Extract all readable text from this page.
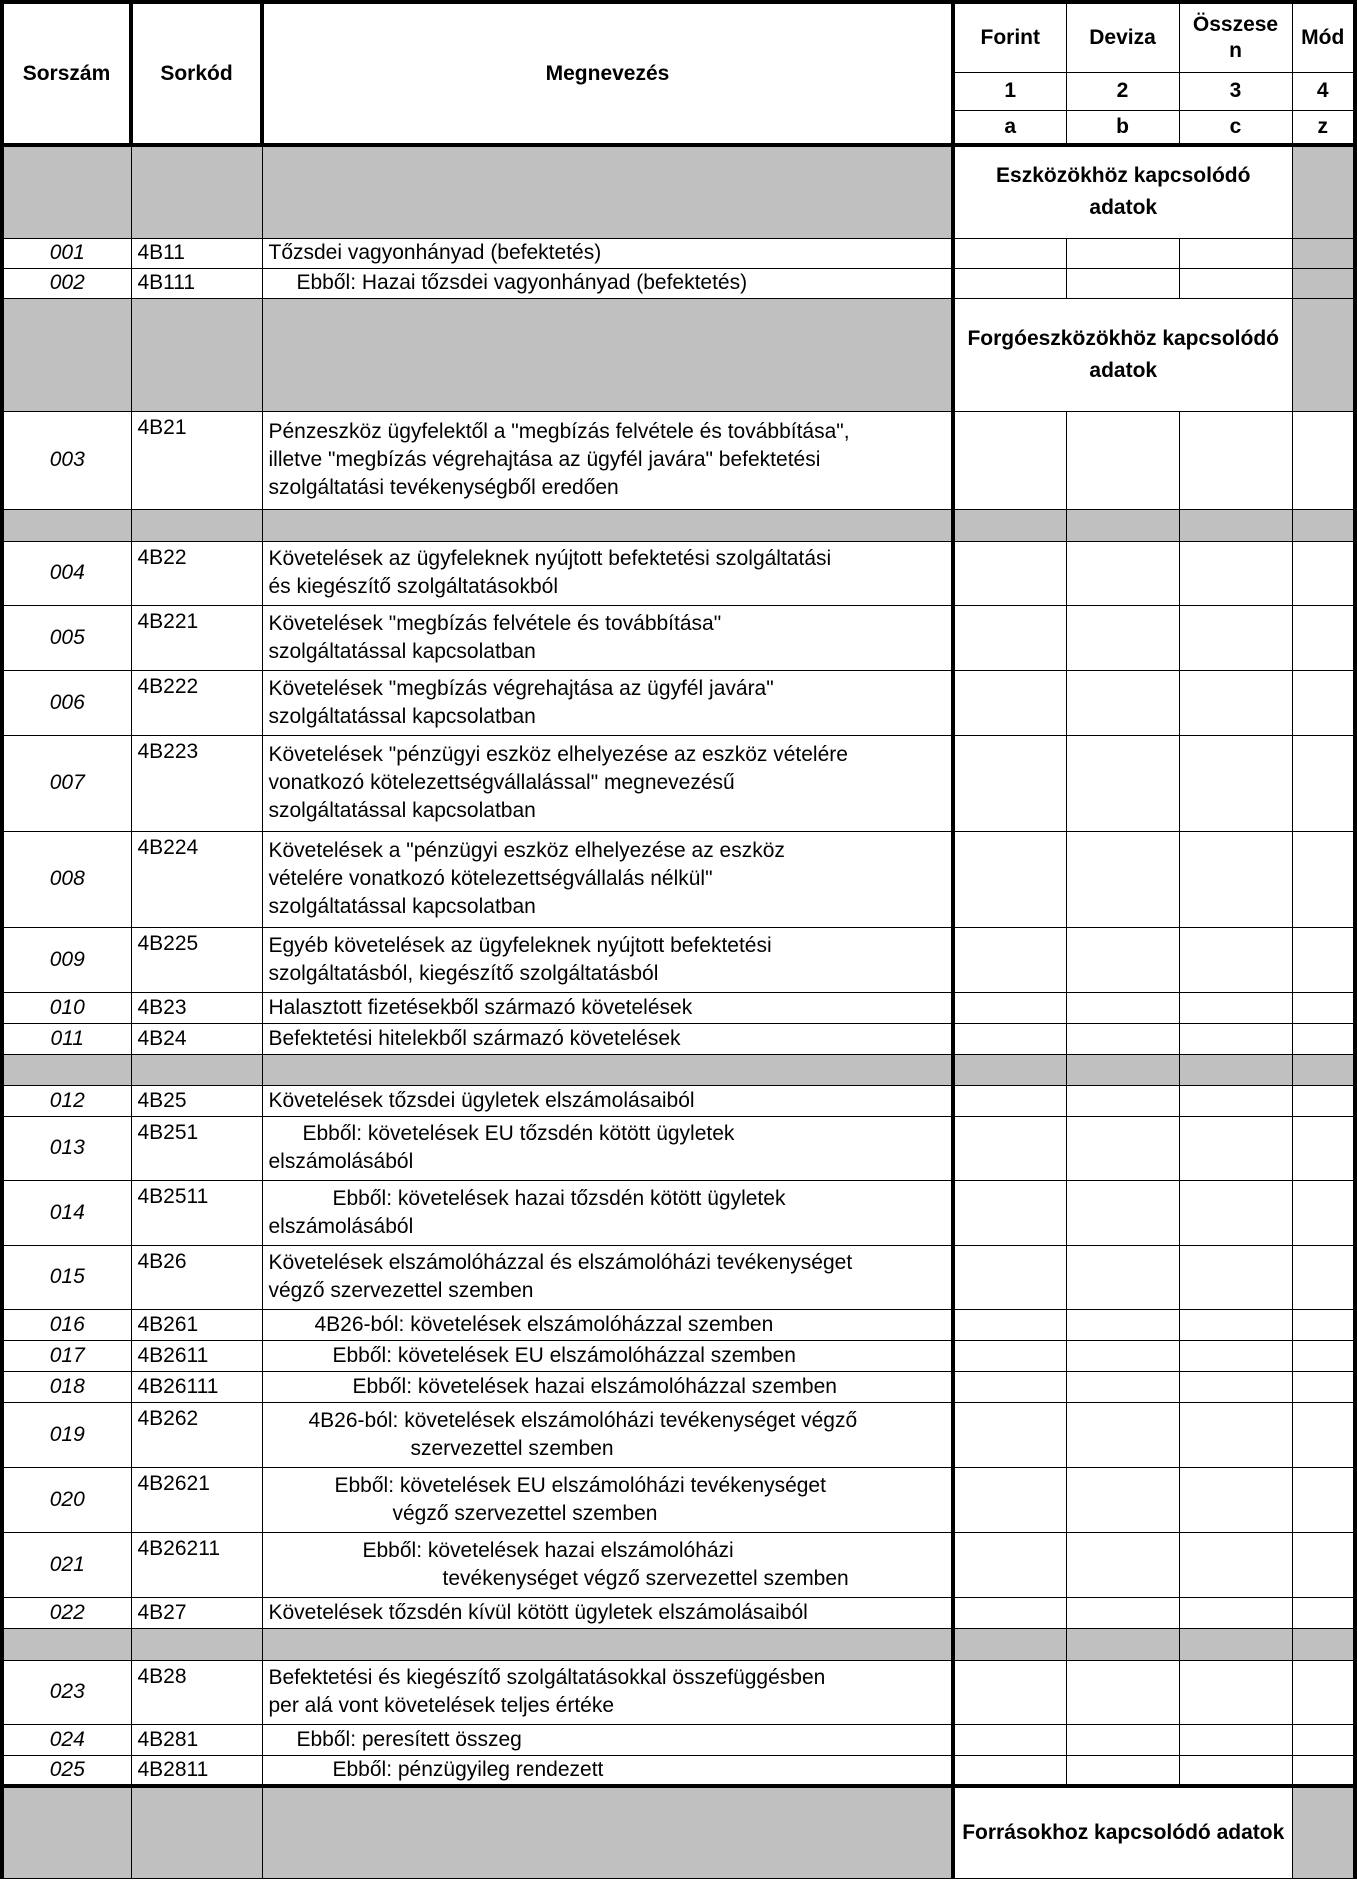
Sorszám	Sorkód	Megnevezés	Forint	Deviza	Összese
n	Mód
			1	2	3	4
			a	b	c	z
			Eszközökhöz kapcsolódó adatok			
001	4B11	Tőzsdei vagyonhányad (befektetés)				
002	4B111	Ebből: Hazai tőzsdei vagyonhányad (befektetés)				
			Forgóeszközökhöz kapcsolódó adatok			
003	4B21	Pénzeszköz ügyfelektől a "megbízás felvétele és továbbítása",
illetve "megbízás végrehajtása az ügyfél javára" befektetési
szolgáltatási tevékenységből eredően				

004	4B22	Követelések az ügyfeleknek nyújtott befektetési szolgáltatási
és kiegészítő szolgáltatásokból				

005	4B221	Követelések "megbízás felvétele és továbbítása"
szolgáltatással kapcsolatban				

006	4B222	Követelések "megbízás végrehajtása az ügyfél javára"
szolgáltatással kapcsolatban				

007	4B223	Követelések "pénzügyi eszköz elhelyezése az eszköz vételére
vonatkozó kötelezettségvállalással" megnevezésű
szolgáltatással kapcsolatban				

008	4B224	Követelések a "pénzügyi eszköz elhelyezése az eszköz
vételére vonatkozó kötelezettségvállalás nélkül"
szolgáltatással kapcsolatban				

009	4B225	Egyéb követelések az ügyfeleknek nyújtott befektetési
szolgáltatásból, kiegészítő szolgáltatásból				

010	4B23	Halasztott fizetésekből származó követelések				
011	4B24	Befektetési hitelekből származó követelések				

012	4B25	Követelések tőzsdei ügyletek elszámolásaiból				
013	4B251	Ebből: követelések EU tőzsdén kötött ügyletek
elszámolásából				

014	4B2511	Ebből: követelések hazai tőzsdén kötött ügyletek
elszámolásából				

015	4B26	Követelések elszámolóházzal és elszámolóházi tevékenységet
végző szervezettel szemben				

016	4B261	4B26-ból: követelések elszámolóházzal szemben				
017	4B2611	Ebből: követelések EU elszámolóházzal szemben				
018	4B26111	Ebből: követelések hazai elszámolóházzal szemben				
019	4B262	4B26-ból: követelések elszámolóházi tevékenységet végző
szervezettel szemben				

020	4B2621	Ebből: követelések EU elszámolóházi tevékenységet
végző szervezettel szemben				

021	4B26211	Ebből: követelések hazai elszámolóházi
tevékenységet végző szervezettel szemben				

022	4B27	Követelések tőzsdén kívül kötött ügyletek elszámolásaiból				

023	4B28	Befektetési és kiegészítő szolgáltatásokkal összefüggésben
per alá vont követelések teljes értéke				

024	4B281	Ebből: peresített összeg				
025	4B2811	Ebből: pénzügyileg rendezett				
			Forrásokhoz kapcsolódó adatok			
